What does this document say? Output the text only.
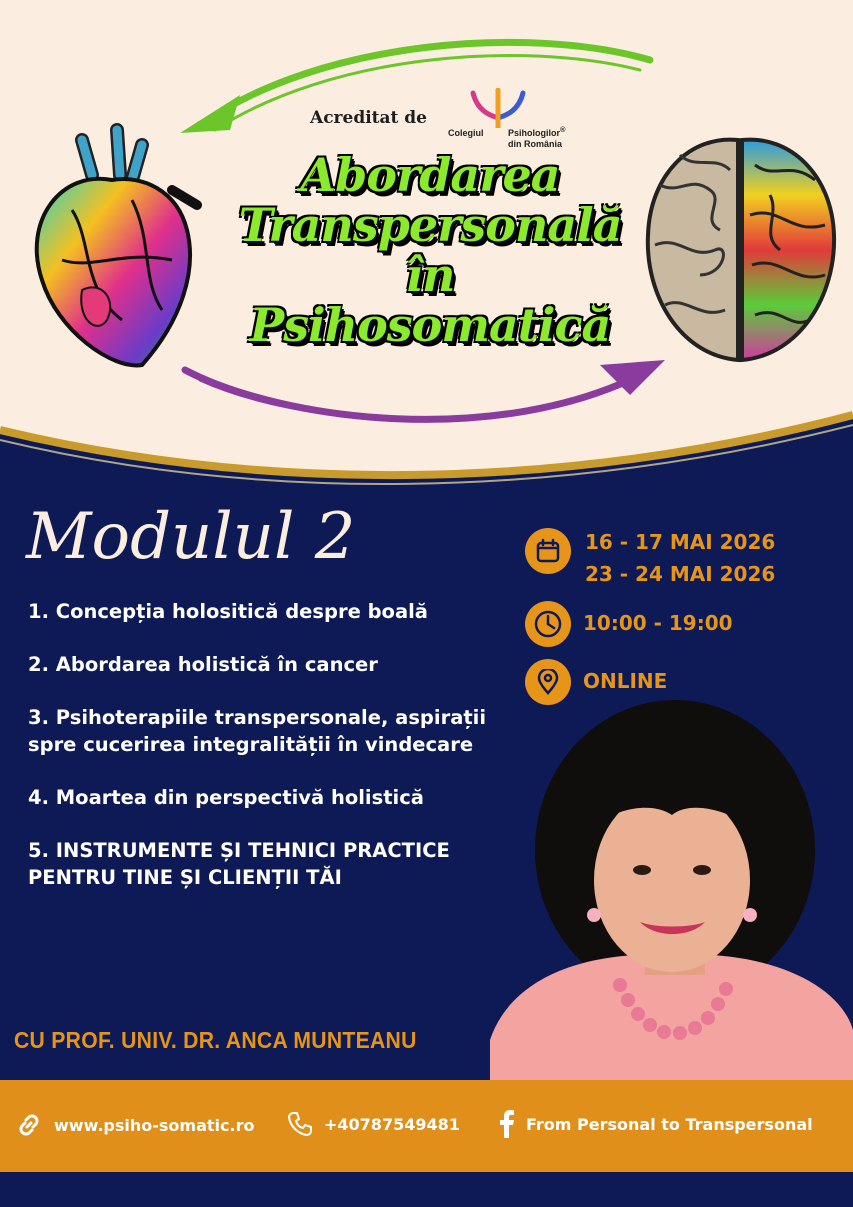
Acreditat de
Colegiul	Psihologilor®
din România
Abordarea
Transpersonală
în
Psihosomatică
Modulul 2
1. Concepția holositică despre boală
2. Abordarea holistică în cancer
3. Psihoterapiile transpersonale, aspirații spre cucerirea integralității în vindecare
4. Moartea din perspectivă holistică
5. INSTRUMENTE ȘI TEHNICI PRACTICE PENTRU TINE ȘI CLIENȚII TĂI
16 - 17 MAI 2026
23 - 24 MAI 2026
10:00 - 19:00
ONLINE
CU PROF. UNIV. DR. ANCA MUNTEANU
www.psiho-somatic.ro	+40787549481	From Personal to Transpersonal
